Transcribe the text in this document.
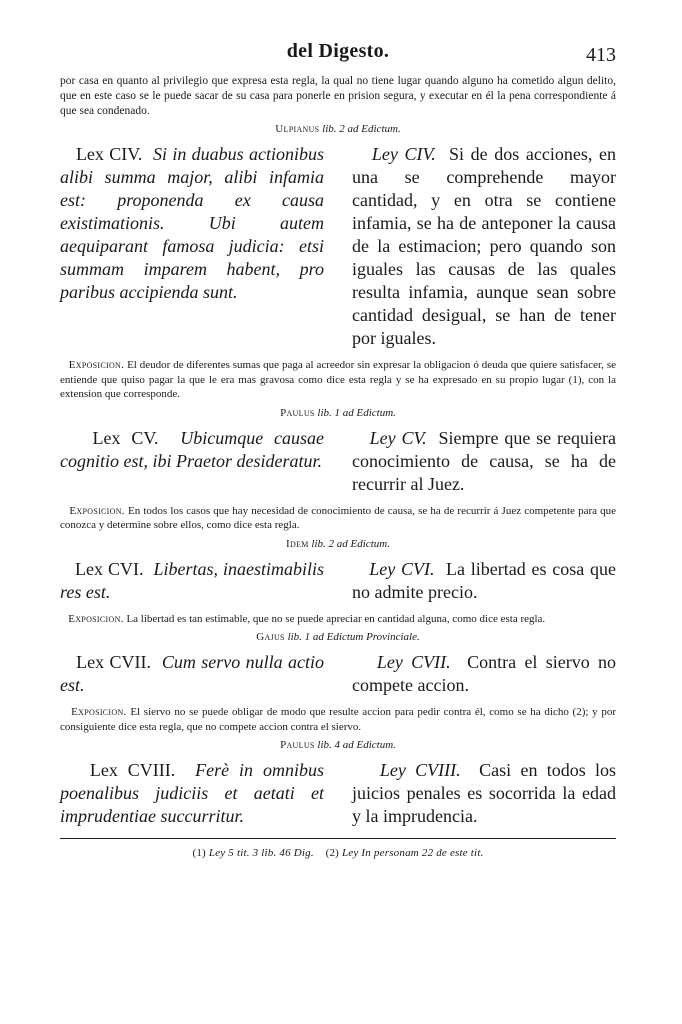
del Digesto.	413

por casa en quanto al privilegio que expresa esta regla, la qual no tiene lugar quando alguno ha cometido algun delito, que en este caso se le puede sacar de su casa para ponerle en prision segura, y executar en él la pena correspondiente á que sea condenado.

Ulpianus lib. 2 ad Edictum.
Lex CIV. Si in duabus actionibus alibi summa major, alibi infamia est: proponenda ex causa existimationis. Ubi autem aequiparant famosa judicia: etsi summam imparem habent, pro paribus accipienda sunt.
Ley CIV. Si de dos acciones, en una se comprehende mayor cantidad, y en otra se contiene infamia, se ha de anteponer la causa de la estimacion; pero quando son iguales las causas de las quales resulta infamia, aunque sean sobre cantidad desigual, se han de tener por iguales.

Exposicion. El deudor de diferentes sumas que paga al acreedor sin expresar la obligacion ó deuda que quiere satisfacer, se entiende que quiso pagar la que le era mas gravosa como dice esta regla y se ha expresado en su propio lugar (1), con la extension que corresponde.

Paulus lib. 1 ad Edictum.
Lex CV. Ubicumque causae cognitio est, ibi Praetor desideratur.
Ley CV. Siempre que se requiera conocimiento de causa, se ha de recurrir al Juez.

Exposicion. En todos los casos que hay necesidad de conocimiento de causa, se ha de recurrir á Juez competente para que conozca y determine sobre ellos, como dice esta regla.

Idem lib. 2 ad Edictum.
Lex CVI. Libertas, inaestimabilis res est.
Ley CVI. La libertad es cosa que no admite precio.

Exposicion. La libertad es tan estimable, que no se puede apreciar en cantidad alguna, como dice esta regla.

Gajus lib. 1 ad Edictum Provinciale.
Lex CVII. Cum servo nulla actio est.
Ley CVII. Contra el siervo no compete accion.

Exposicion. El siervo no se puede obligar de modo que resulte accion para pedir contra él, como se ha dicho (2); y por consiguiente dice esta regla, que no compete accion contra el siervo.

Paulus lib. 4 ad Edictum.
Lex CVIII. Ferè in omnibus poenalibus judiciis et aetati et imprudentiae succurritur.
Ley CVIII. Casi en todos los juicios penales es socorrida la edad y la imprudencia.
(1) Ley 5 tit. 3 lib. 46 Dig. (2) Ley In personam 22 de este tit.
